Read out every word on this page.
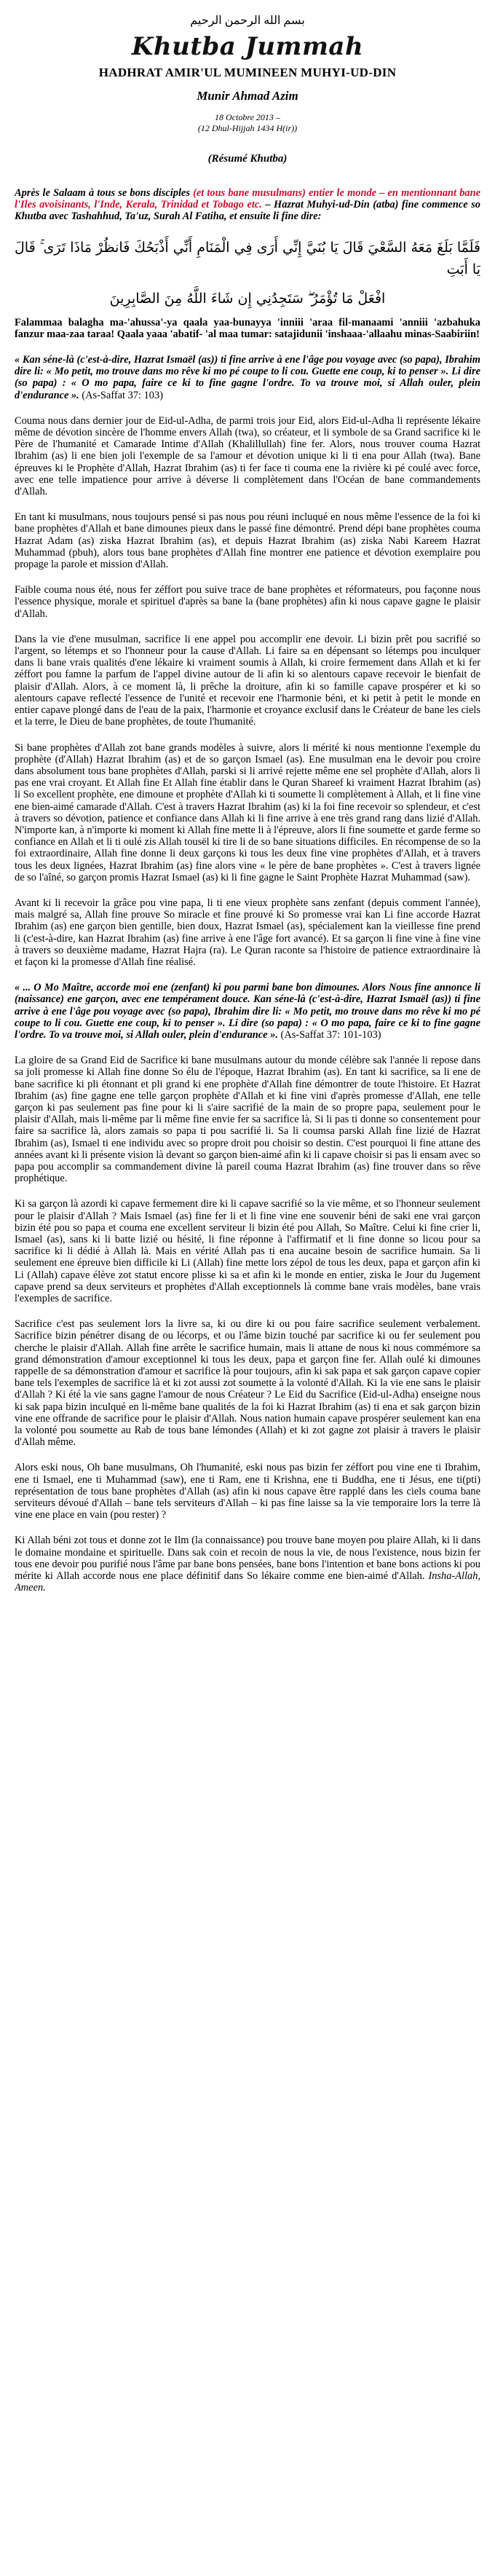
بسم الله الرحمن الرحيم
Khutba Jummah
HADHRAT AMIR'UL MUMINEEN MUHYI-UD-DIN
Munir Ahmad Azim
18 Octobre 2013 –
(12 Dhul-Hijjah 1434 H(ir))
(Résumé Khutba)

Après le Salaam à tous se bons disciples (et tous bane musulmans) entier le monde – en mentionnant bane l'Iles avoisinants, l'Inde, Kerala, Trinidad et Tobago etc. – Hazrat Muhyi-ud-Din (atba) fine commence so Khutba avec Tashahhud, Ta'uz, Surah Al Fatiha, et ensuite li fine dire:

فَلَمَّا بَلَغَ مَعَهُ السَّعْيَ قَالَ يَا بُنَيَّ إِنِّي أَرَى فِي الْمَنَامِ أَنِّي أَذْبَحُكَ فَانظُرْ مَاذَا تَرَى ۚ قَالَ يَا أَبَتِ
افْعَلْ مَا تُؤْمَرُ ۖ سَتَجِدُنِي إِن شَاءَ اللَّهُ مِنَ الصَّابِرِينَ
Falammaa balagha ma-'ahussa'-ya qaala yaa-bunayya 'inniii 'araa fil-manaami 'anniii 'azbahuka fanzur maa-zaa taraa! Qaala yaaa 'abatif- 'al maa tumar: satajidunii 'inshaaa-'allaahu minas-Saabiriin!

« Kan séne-là (c'est-à-dire, Hazrat Ismaël (as)) ti fine arrive à ene l'âge pou voyage avec (so papa), Ibrahim dire li: « Mo petit, mo trouve dans mo rêve ki mo pé coupe to li cou. Guette ene coup, ki to penser ». Li dire (so papa) : « O mo papa, faire ce ki to fine gagne l'ordre. To va trouve moi, si Allah ouler, plein d'endurance ». (As-Saffat 37: 103)

Couma nous dans dernier jour de Eid-ul-Adha, de parmi trois jour Eid, alors Eid-ul-Adha li représente lékaire même de dévotion sincère de l'homme envers Allah (twa), so créateur, et li symbole de sa Grand sacrifice ki le Père de l'humanité et Camarade Intime d'Allah (Khalillullah) fine fer. Alors, nous trouver couma Hazrat Ibrahim (as) li ene bien joli l'exemple de sa l'amour et dévotion unique ki li ti ena pour Allah (twa). Bane épreuves ki le Prophète d'Allah, Hazrat Ibrahim (as) ti fer face ti couma ene la rivière ki pé coulé avec force, avec ene telle impatience pour arrive à déverse li complètement dans l'Océan de bane commandements d'Allah.

En tant ki musulmans, nous toujours pensé si pas nous pou réuni incluqué en nous même l'essence de la foi ki bane prophètes d'Allah et bane dimounes pieux dans le passé fine démontré. Prend dépi bane prophètes couma Hazrat Adam (as) ziska Hazrat Ibrahim (as), et depuis Hazrat Ibrahim (as) ziska Nabi Kareem Hazrat Muhammad (pbuh), alors tous bane prophètes d'Allah fine montrer ene patience et dévotion exemplaire pou propage la parole et mission d'Allah.

Faible couma nous été, nous fer zéffort pou suive trace de bane prophètes et réformateurs, pou façonne nous l'essence physique, morale et spirituel d'après sa bane la (bane prophètes) afin ki nous capave gagne le plaisir d'Allah.

Dans la vie d'ene musulman, sacrifice li ene appel pou accomplir ene devoir. Li bizin prêt pou sacrifié so l'argent, so létemps et so l'honneur pour la cause d'Allah. Li faire sa en dépensant so létemps pou inculquer dans li bane vrais qualités d'ene lékaire ki vraiment soumis à Allah, ki croire fermement dans Allah et ki fer zéffort pou famne la parfum de l'appel divine autour de li afin ki so alentours capave recevoir le bienfait de plaisir d'Allah. Alors, à ce moment là, li prêche la droiture, afin ki so famille capave prospérer et ki so alentours capave reflecté l'essence de l'unité et recevoir ene l'harmonie béni, et ki petit à petit le monde en entier capave plongé dans de l'eau de la paix, l'harmonie et croyance exclusif dans le Créateur de bane les ciels et la terre, le Dieu de bane prophètes, de toute l'humanité.

Si bane prophètes d'Allah zot bane grands modèles à suivre, alors li mérité ki nous mentionne l'exemple du prophète (d'Allah) Hazrat Ibrahim (as) et de so garçon Ismael (as). Ene musulman ena le devoir pou croire dans absolument tous bane prophètes d'Allah, parski si li arrivé rejette même ene sel prophète d'Allah, alors li pas ene vrai croyant. Et Allah fine Et Allah fine établir dans le Quran Shareef ki vraiment Hazrat Ibrahim (as) li So excellent prophète, ene dimoune et prophète d'Allah ki ti soumette li complètement à Allah, et li fine vine ene bien-aimé camarade d'Allah. C'est à travers Hazrat Ibrahim (as) ki la foi fine recevoir so splendeur, et c'est à travers so dévotion, patience et confiance dans Allah ki li fine arrive à ene très grand rang dans lizié d'Allah. N'importe kan, à n'importe ki moment ki Allah fine mette li à l'épreuve, alors li fine soumette et garde ferme so confiance en Allah et li ti oulé zis Allah tousël ki tire li de so bane situations difficiles. En récompense de so la foi extraordinaire, Allah fine donne li deux garçons ki tous les deux fine vine prophètes d'Allah, et à travers tous les deux lignées, Hazrat Ibrahim (as) fine alors vine « le père de bane prophètes ». C'est à travers lignée de so l'aîné, so garçon promis Hazrat Ismael (as) ki li fine gagne le Saint Prophète Hazrat Muhammad (saw).

Avant ki li recevoir la grâce pou vine papa, li ti ene vieux prophète sans zenfant (depuis comment l'année), mais malgré sa, Allah fine prouve So miracle et fine prouvé ki So promesse vrai kan Li fine accorde Hazrat Ibrahim (as) ene garçon bien gentille, bien doux, Hazrat Ismael (as), spécialement kan la vieillesse fine prend li (c'est-à-dire, kan Hazrat Ibrahim (as) fine arrive à ene l'âge fort avancé). Et sa garçon li fine vine à fine vine à travers so deuxième madame, Hazrat Hajra (ra). Le Quran raconte sa l'histoire de patience extraordinaire là et façon ki la promesse d'Allah fine réalisé.

« ... O Mo Maître, accorde moi ene (zenfant) ki pou parmi bane bon dimounes. Alors Nous fine annonce li (naissance) ene garçon, avec ene tempérament douce. Kan séne-là (c'est-à-dire, Hazrat Ismaël (as)) ti fine arrive à ene l'âge pou voyage avec (so papa), Ibrahim dire li: « Mo petit, mo trouve dans mo rêve ki mo pé coupe to li cou. Guette ene coup, ki to penser ». Li dire (so papa) : « O mo papa, faire ce ki to fine gagne l'ordre. To va trouve moi, si Allah ouler, plein d'endurance ». (As-Saffat 37: 101-103)

La gloire de sa Grand Eid de Sacrifice ki bane musulmans autour du monde célèbre sak l'année li repose dans sa joli promesse ki Allah fine donne So élu de l'époque, Hazrat Ibrahim (as). En tant ki sacrifice, sa li ene de bane sacrifice ki pli étonnant et pli grand ki ene prophète d'Allah fine démontrer de toute l'histoire. Et Hazrat Ibrahim (as) fine gagne ene telle garçon prophète d'Allah et ki fine vini d'après promesse d'Allah, ene telle garçon ki pas seulement pas fine pour ki li s'aire sacrifié de la main de so propre papa, seulement pour le plaisir d'Allah, mais li-même par li même fine envie fer sa sacrifice là. Si li pas ti donne so consentement pour faire sa sacrifice là, alors zamais so papa ti pou sacrifié li. Sa li coumsa parski Allah fine lizié de Hazrat Ibrahim (as), Ismael ti ene individu avec so propre droit pou choisir so destin. C'est pourquoi li fine attane des années avant ki li présente vision là devant so garçon bien-aimé afin ki li capave choisir si pas li ensam avec so papa pou accomplir sa commandement divine là pareil couma Hazrat Ibrahim (as) fine trouver dans so rêve prophétique.

Ki sa garçon là azordi ki capave fermement dire ki li capave sacrifié so la vie même, et so l'honneur seulement pour le plaisir d'Allah ? Mais Ismael (as) fine fer li et li fine vine ene souvenir béni de saki ene vrai garçon bizin été pou so papa et couma ene excellent serviteur li bizin été pou Allah, So Maître. Celui ki fine crier li, Ismael (as), sans ki li batte lizié ou hésité, li fine réponne à l'affirmatif et li fine donne so licou pour sa sacrifice ki li dédié à Allah là. Mais en vérité Allah pas ti ena aucaine besoin de sacrifice humain. Sa li seulement ene épreuve bien difficile ki Li (Allah) fine mette lors zépol de tous les deux, papa et garçon afin ki Li (Allah) capave élève zot statut encore plisse ki sa et afin ki le monde en entier, ziska le Jour du Jugement capave prend sa deux serviteurs et prophètes d'Allah exceptionnels là comme bane vrais modèles, bane vrais l'exemples de sacrifice.

Sacrifice c'est pas seulement lors la livre sa, ki ou dire ki ou pou faire sacrifice seulement verbalement. Sacrifice bizin pénétrer disang de ou lécorps, et ou l'âme bizin touché par sacrifice ki ou fer seulement pou cherche le plaisir d'Allah. Allah fine arrête le sacrifice humain, mais li attane de nous ki nous commémore sa grand démonstration d'amour exceptionnel ki tous les deux, papa et garçon fine fer. Allah oulé ki dimounes rappelle de sa démonstration d'amour et sacrifice là pour toujours, afin ki sak papa et sak garçon capave copier bane tels l'exemples de sacrifice là et ki zot aussi zot soumette à la volonté d'Allah. Ki la vie ene sans le plaisir d'Allah ? Ki été la vie sans gagne l'amour de nous Créateur ? Le Eid du Sacrifice (Eid-ul-Adha) enseigne nous ki sak papa bizin inculqué en li-même bane qualités de la foi ki Hazrat Ibrahim (as) ti ena et sak garçon bizin vine ene offrande de sacrifice pour le plaisir d'Allah. Nous nation humain capave prospérer seulement kan ena la volonté pou soumette au Rab de tous bane lémondes (Allah) et ki zot gagne zot plaisir à travers le plaisir d'Allah même.

Alors eski nous, Oh bane musulmans, Oh l'humanité, eski nous pas bizin fer zéffort pou vine ene ti Ibrahim, ene ti Ismael, ene ti Muhammad (saw), ene ti Ram, ene ti Krishna, ene ti Buddha, ene ti Jésus, ene ti(pti) représentation de tous bane prophètes d'Allah (as) afin ki nous capave être rapplé dans les ciels couma bane serviteurs dévoué d'Allah – bane tels serviteurs d'Allah – ki pas fine laisse sa la vie temporaire lors la terre là vine ene place en vain (pou rester) ?

Ki Allah béni zot tous et donne zot le Ilm (la connaissance) pou trouve bane moyen pou plaire Allah, ki li dans le domaine mondaine et spirituelle. Dans sak coin et recoin de nous la vie, de nous l'existence, nous bizin fer tous ene devoir pou purifié nous l'âme par bane bons pensées, bane bons l'intention et bane bons actions ki pou mérite ki Allah accorde nous ene place définitif dans So lékaire comme ene bien-aimé d'Allah. Insha-Allah, Ameen.
